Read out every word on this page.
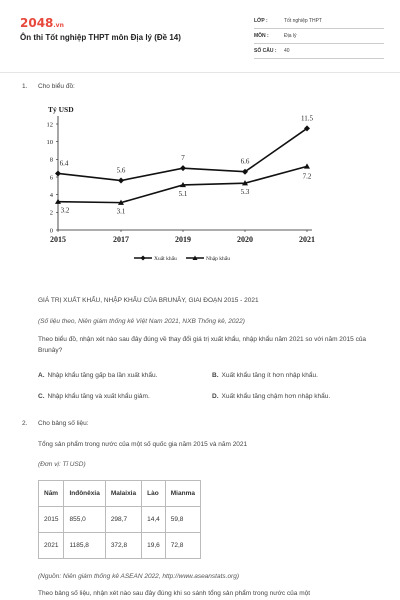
2048.vn
Ôn thi Tốt nghiệp THPT môn Địa lý (Đề 14)
LỚP :	Tốt nghiệp THPT
MÔN :	Địa lý
SỐ CÂU : 40
1. Cho biểu đồ:
Tỷ USD
0
2
4
6
8
10
12
2015	2017	2019	2020	2021
6.4
5.6
7	6.6
11.5
3.2	3.1
5.1	5.3
7.2
Xuất khẩu	Nhập khẩu
GIÁ TRỊ XUẤT KHẨU, NHẬP KHẨU CỦA BRUNÂY, GIAI ĐOẠN 2015 - 2021
(Số liệu theo, Niên giám thống kê Việt Nam 2021, NXB Thống kê, 2022)
Theo biểu đồ, nhận xét nào sau đây đúng về thay đổi giá trị xuất khẩu, nhập khẩu năm 2021 so với năm 2015 của Brunây?
A. Nhập khẩu tăng gấp ba lần xuất khẩu.	B. Xuất khẩu tăng ít hơn nhập khẩu.
C. Nhập khẩu tăng và xuất khẩu giảm.	D. Xuất khẩu tăng chậm hơn nhập khẩu.
2. Cho bảng số liệu:
Tổng sản phẩm trong nước của một số quốc gia năm 2015 và năm 2021
(Đơn vị: Tỉ USD)
Năm	Inđônêxia	Malaixia	Lào	Mianma
2015	855,0	298,7	14,4	59,8
2021	1185,8	372,8	19,6	72,8
(Nguồn: Niên giám thống kê ASEAN 2022, http://www.aseanstats.org)
Theo bảng số liệu, nhận xét nào sau đây đúng khi so sánh tổng sản phẩm trong nước của một
